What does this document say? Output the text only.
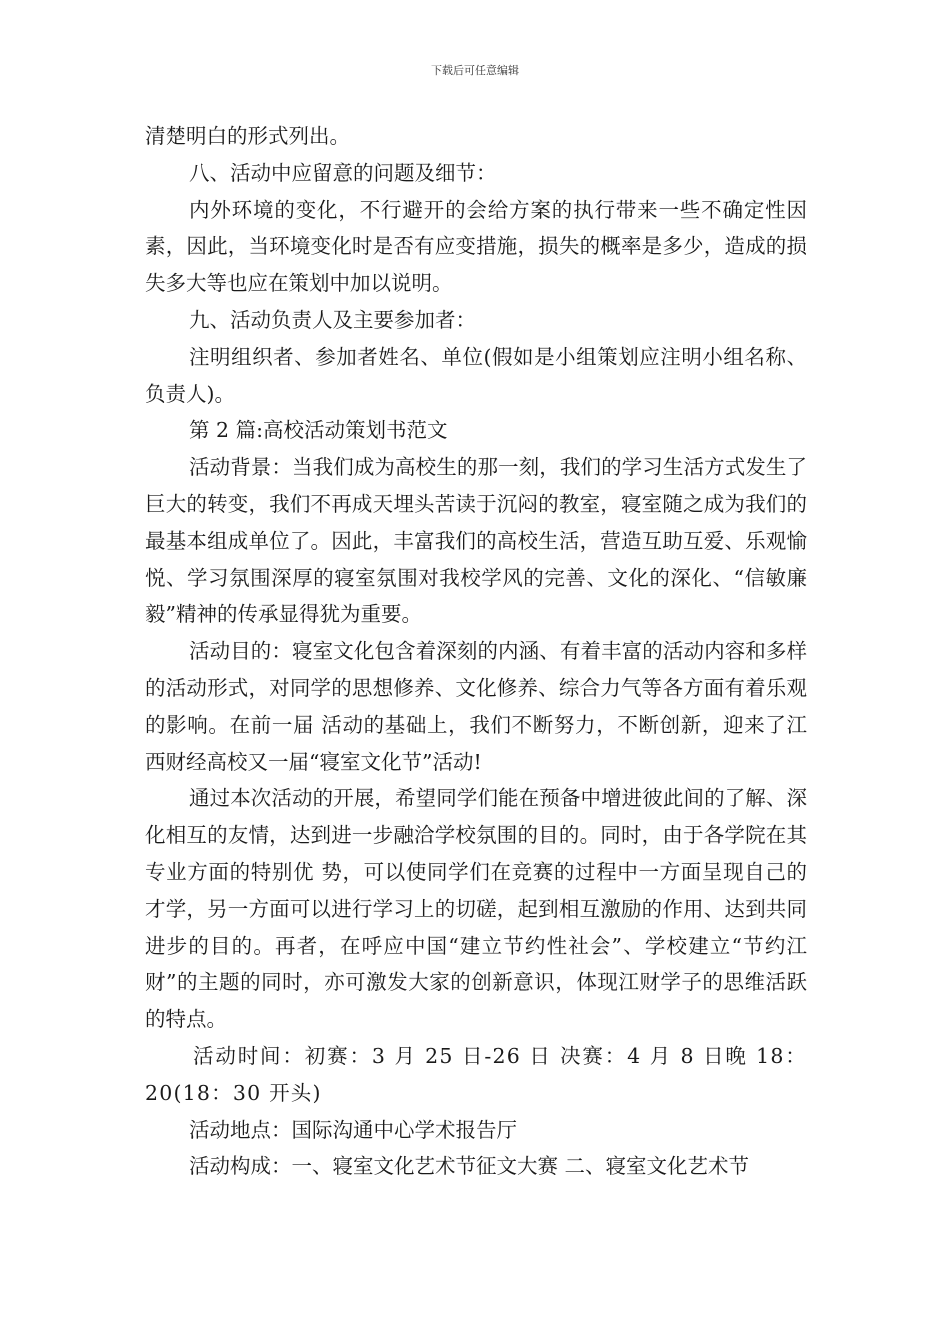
下载后可任意编辑

清楚明白的形式列出。

八、活动中应留意的问题及细节：

内外环境的变化，不行避开的会给方案的执行带来一些不确定性因素，因此，当环境变化时是否有应变措施，损失的概率是多少，造成的损失多大等也应在策划中加以说明。

九、活动负责人及主要参加者：

注明组织者、参加者姓名、单位(假如是小组策划应注明小组名称、负责人)。

第 2 篇:高校活动策划书范文

活动背景：当我们成为高校生的那一刻，我们的学习生活方式发生了巨大的转变，我们不再成天埋头苦读于沉闷的教室，寝室随之成为我们的最基本组成单位了。因此，丰富我们的高校生活，营造互助互爱、乐观愉悦、学习氛围深厚的寝室氛围对我校学风的完善、文化的深化、“信敏廉毅”精神的传承显得犹为重要。

活动目的：寝室文化包含着深刻的内涵、有着丰富的活动内容和多样的活动形式，对同学的思想修养、文化修养、综合力气等各方面有着乐观的影响。在前一届 活动的基础上，我们不断努力，不断创新，迎来了江西财经高校又一届“寝室文化节”活动!

通过本次活动的开展，希望同学们能在预备中增进彼此间的了解、深化相互的友情，达到进一步融洽学校氛围的目的。同时，由于各学院在其专业方面的特别优 势，可以使同学们在竞赛的过程中一方面呈现自己的才学，另一方面可以进行学习上的切磋，起到相互激励的作用、达到共同进步的目的。再者，在呼应中国“建立节约性社会”、学校建立“节约江财”的主题的同时，亦可激发大家的创新意识，体现江财学子的思维活跃的特点。

活动时间：初赛：3 月 25 日-26 日 决赛：4 月 8 日晚 18：20(18：30 开头)

活动地点：国际沟通中心学术报告厅

活动构成：一、寝室文化艺术节征文大赛 二、寝室文化艺术节
